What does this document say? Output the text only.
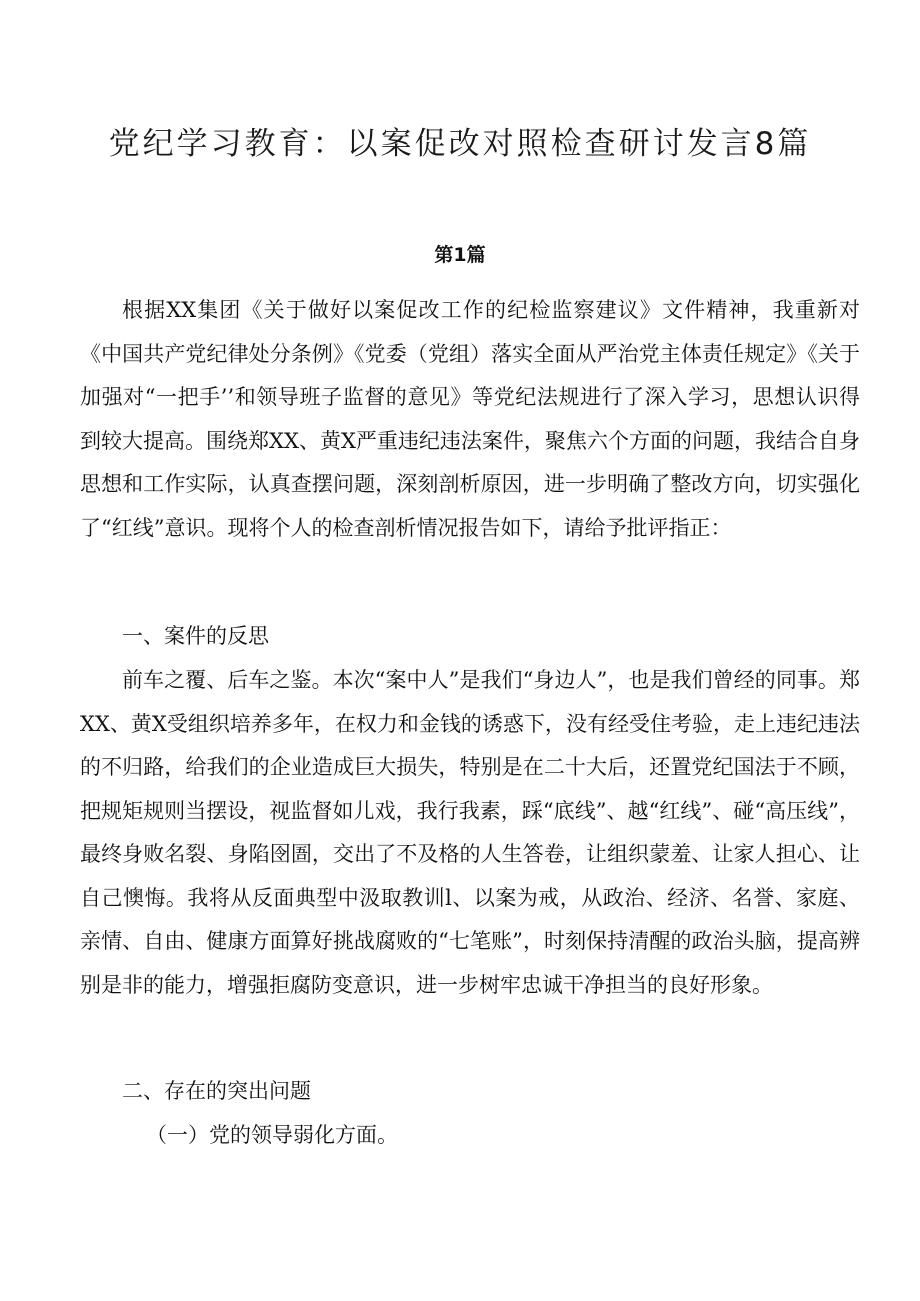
党纪学习教育：以案促改对照检查研讨发言8篇
第1篇

根据XX集团《关于做好以案促改工作的纪检监察建议》文件精神，我重新对《中国共产党纪律处分条例》《党委（党组）落实全面从严治党主体责任规定》《关于加强对“一把手’’和领导班子监督的意见》等党纪法规进行了深入学习，思想认识得到较大提高。围绕郑XX、黄X严重违纪违法案件，聚焦六个方面的问题，我结合自身思想和工作实际，认真查摆问题，深刻剖析原因，进一步明确了整改方向，切实强化了“红线”意识。现将个人的检查剖析情况报告如下，请给予批评指正：

一、案件的反思

前车之覆、后车之鉴。本次“案中人”是我们“身边人”，也是我们曾经的同事。郑XX、黄X受组织培养多年，在权力和金钱的诱惑下，没有经受住考验，走上违纪违法的不归路，给我们的企业造成巨大损失，特别是在二十大后，还置党纪国法于不顾，把规矩规则当摆设，视监督如儿戏，我行我素，踩“底线”、越“红线”、碰“高压线”，最终身败名裂、身陷囹圄，交出了不及格的人生答卷，让组织蒙羞、让家人担心、让自己懊悔。我将从反面典型中汲取教训l、以案为戒，从政治、经济、名誉、家庭、亲情、自由、健康方面算好挑战腐败的“七笔账”，时刻保持清醒的政治头脑，提高辨别是非的能力，增强拒腐防变意识，进一步树牢忠诚干净担当的良好形象。

二、存在的突出问题

（一）党的领导弱化方面。
